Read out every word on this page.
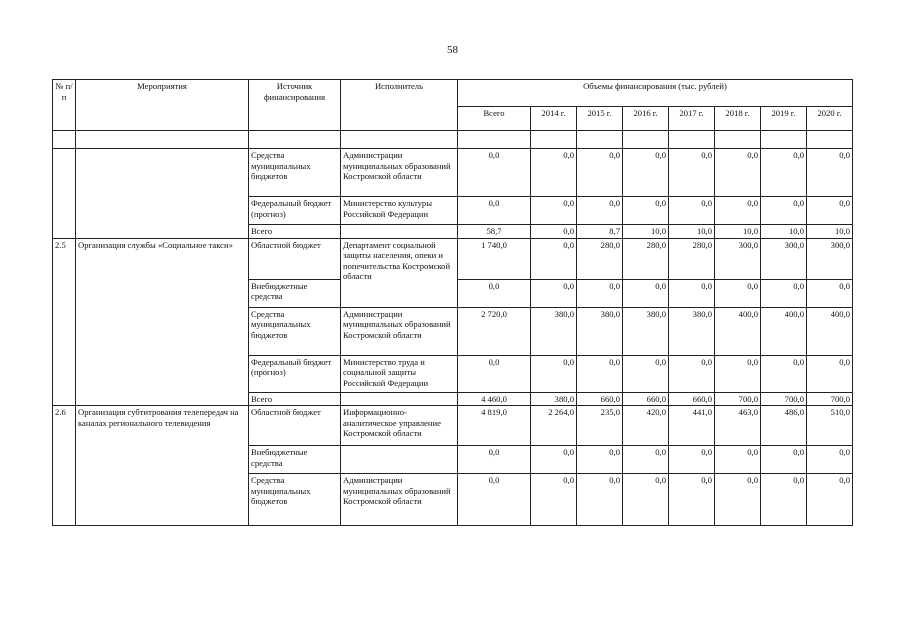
58
№ п/п	Мероприятия	Источник финансирования	Исполнитель	Объемы финансирования (тыс. рублей)							
				Всего	2014 г.	2015 г.	2016 г.	2017 г.	2018 г.	2019 г.	2020 г.

		Средства муниципальных бюджетов	Администрации муниципальных образований Костромской области	0,0	0,0	0,0	0,0	0,0	0,0	0,0	0,0
		Федеральный бюджет (прогноз)	Министерство культуры Российской Федерации	0,0	0,0	0,0	0,0	0,0	0,0	0,0	0,0
		Всего		58,7	0,0	8,7	10,0	10,0	10,0	10,0	10,0
2.5	Организация службы «Социальное такси»	Областной бюджет	Департамент социальной защиты населения, опеки и попечительства Костромской области	1 740,0	0,0	280,0	280,0	280,0	300,0	300,0	300,0
		Внебюджетные средства		0,0	0,0	0,0	0,0	0,0	0,0	0,0	0,0
		Средства муниципальных бюджетов	Администрации муниципальных образований Костромской области	2 720,0	380,0	380,0	380,0	380,0	400,0	400,0	400,0
		Федеральный бюджет (прогноз)	Министерство труда и социальной защиты Российской Федерации	0,0	0,0	0,0	0,0	0,0	0,0	0,0	0,0
		Всего		4 460,0	380,0	660,0	660,0	660,0	700,0	700,0	700,0
2.6	Организация субтитрования телепередач на каналах регионального телевидения	Областной бюджет	Информационно-аналитическое управление Костромской области	4 819,0	2 264,0	235,0	420,0	441,0	463,0	486,0	510,0
		Внебюджетные средства		0,0	0,0	0,0	0,0	0,0	0,0	0,0	0,0
		Средства муниципальных бюджетов	Администрации муниципальных образований Костромской области	0,0	0,0	0,0	0,0	0,0	0,0	0,0	0,0
